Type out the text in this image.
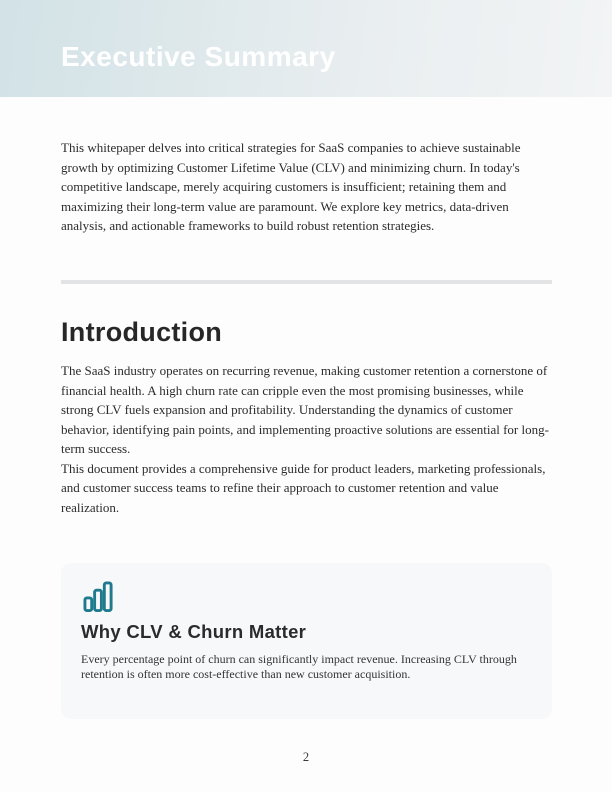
Executive Summary

This whitepaper delves into critical strategies for SaaS companies to achieve sustainable growth by optimizing Customer Lifetime Value (CLV) and minimizing churn. In today's competitive landscape, merely acquiring customers is insufficient; retaining them and maximizing their long-term value are paramount. We explore key metrics, data-driven analysis, and actionable frameworks to build robust retention strategies.

Introduction

The SaaS industry operates on recurring revenue, making customer retention a cornerstone of financial health. A high churn rate can cripple even the most promising businesses, while strong CLV fuels expansion and profitability. Understanding the dynamics of customer behavior, identifying pain points, and implementing proactive solutions are essential for long-term success.

This document provides a comprehensive guide for product leaders, marketing professionals, and customer success teams to refine their approach to customer retention and value realization.

Why CLV & Churn Matter

Every percentage point of churn can significantly impact revenue. Increasing CLV through retention is often more cost-effective than new customer acquisition.

2
